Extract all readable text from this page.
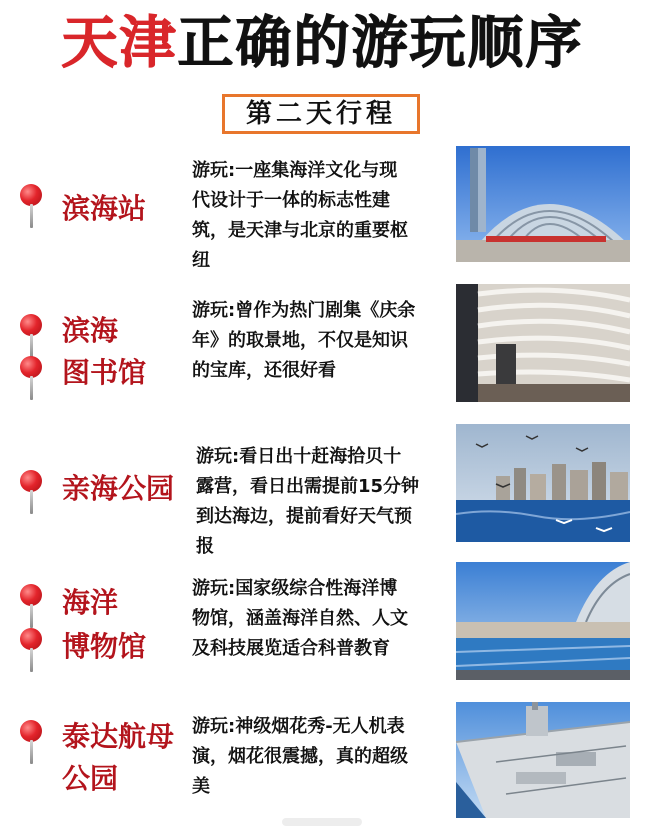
天津正确的游玩顺序
第二天行程
滨海站
游玩:一座集海洋文化与现
代设计于一体的标志性建
筑，是天津与北京的重要枢
纽
滨海
图书馆
游玩:曾作为热门剧集《庆余
年》的取景地，不仅是知识
的宝库，还很好看
亲海公园
游玩:看日出十赶海拾贝十
露营，看日出需提前15分钟
到达海边，提前看好天气预
报
海洋
博物馆
游玩:国家级综合性海洋博
物馆，涵盖海洋自然、人文
及科技展览适合科普教育
泰达航母
公园
游玩:神级烟花秀-无人机表
演，烟花很震撼，真的超级
美
